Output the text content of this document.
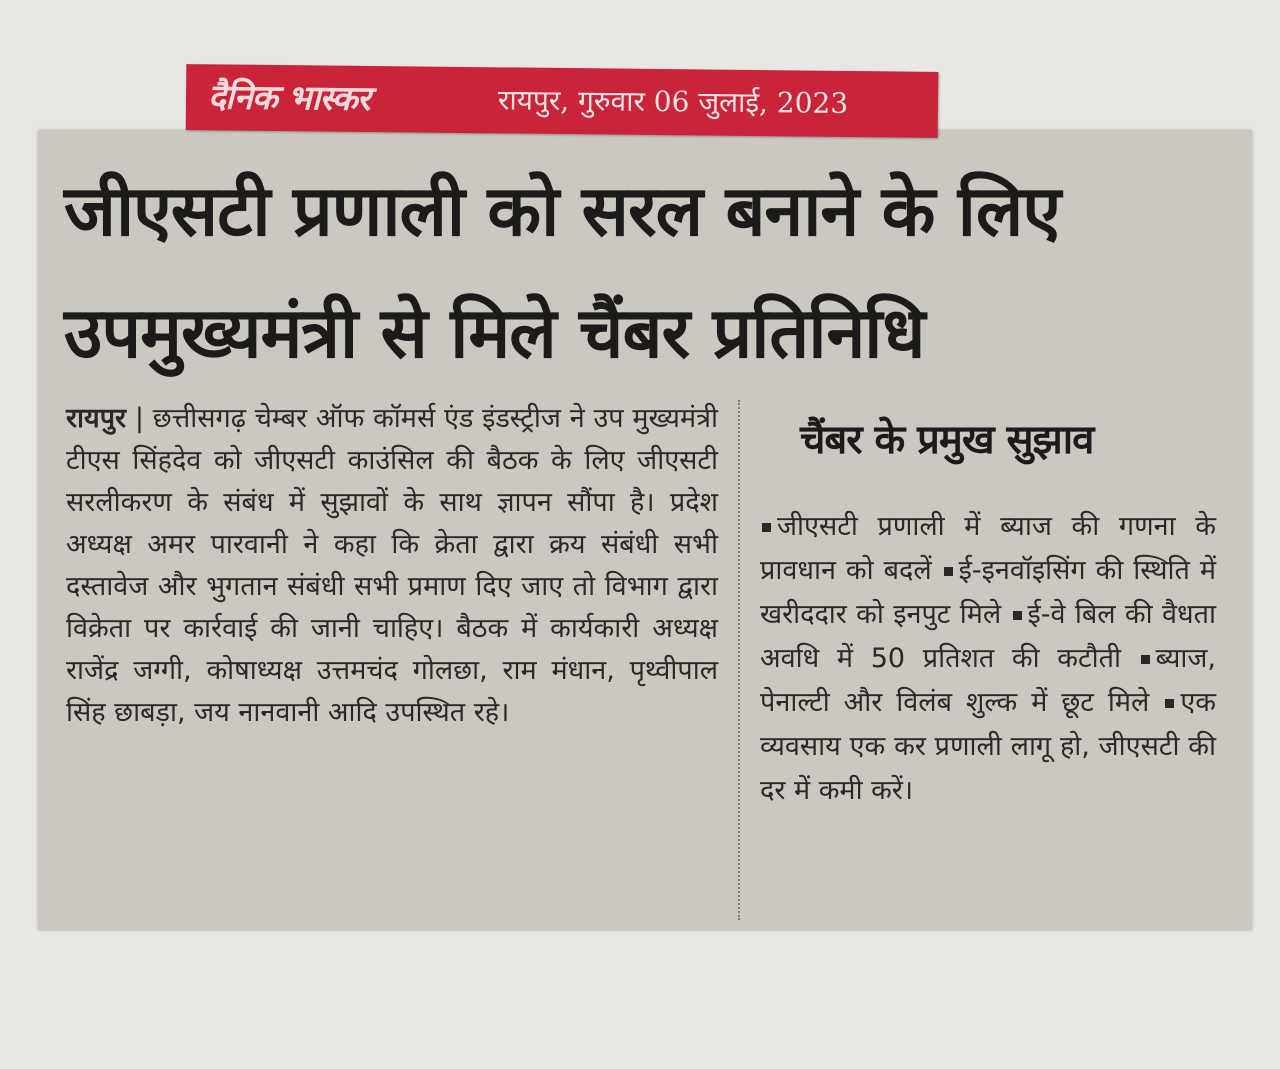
दैनिक भास्कर	रायपुर, गुरुवार 06 जुलाई, 2023
जीएसटी प्रणाली को सरल बनाने के लिए
उपमुख्यमंत्री से मिले चैंबर प्रतिनिधि
रायपुर | छत्तीसगढ़ चेम्बर ऑफ कॉमर्स एंड इंडस्ट्रीज ने उप मुख्यमंत्री टीएस सिंहदेव को जीएसटी काउंसिल की बैठक के लिए जीएसटी सरलीकरण के संबंध में सुझावों के साथ ज्ञापन सौंपा है। प्रदेश अध्यक्ष अमर पारवानी ने कहा कि क्रेता द्वारा क्रय संबंधी सभी दस्तावेज और भुगतान संबंधी सभी प्रमाण दिए जाए तो विभाग द्वारा विक्रेता पर कार्रवाई की जानी चाहिए। बैठक में कार्यकारी अध्यक्ष राजेंद्र जग्गी, कोषाध्यक्ष उत्तमचंद गोलछा, राम मंधान, पृथ्वीपाल सिंह छाबड़ा, जय नानवानी आदि उपस्थित रहे।
चैंबर के प्रमुख सुझाव
जीएसटी प्रणाली में ब्याज की गणना के प्रावधान को बदलें ई-इनवॉइसिंग की स्थिति में खरीददार को इनपुट मिले ई-वे बिल की वैधता अवधि में 50 प्रतिशत की कटौती ब्याज, पेनाल्टी और विलंब शुल्क में छूट मिले एक व्यवसाय एक कर प्रणाली लागू हो, जीएसटी की दर में कमी करें।
